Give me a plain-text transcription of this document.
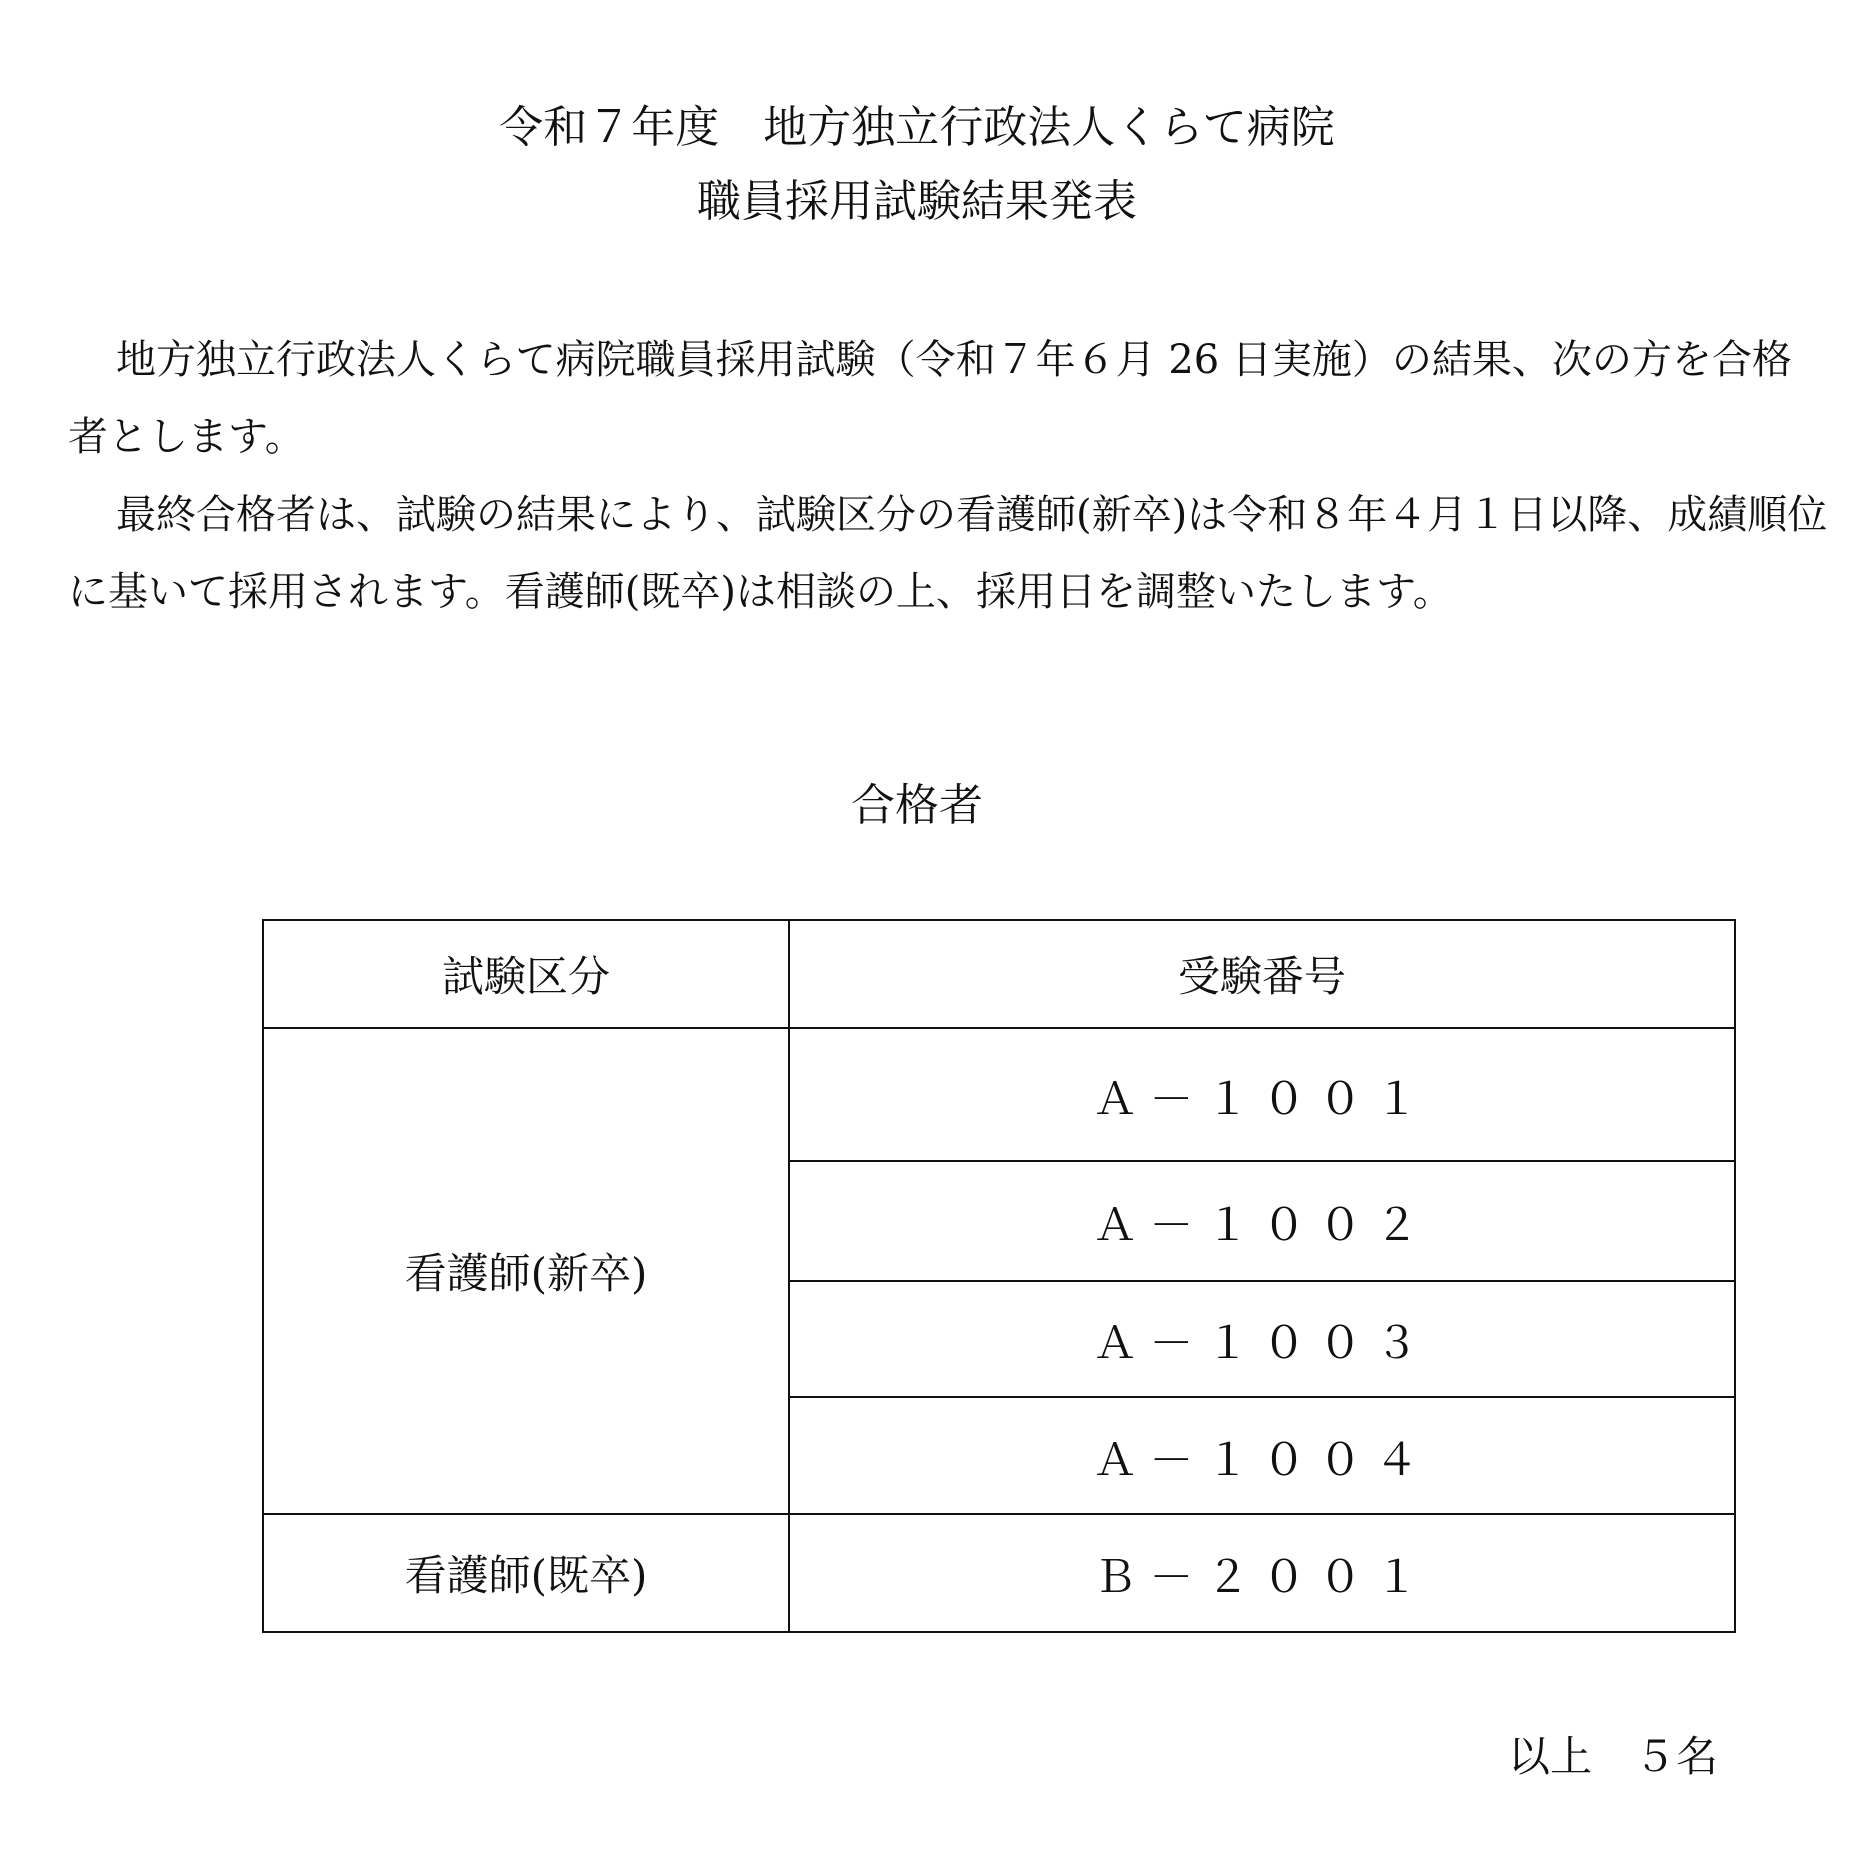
令和７年度　地方独立行政法人くらて病院
職員採用試験結果発表

地方独立行政法人くらて病院職員採用試験（令和７年６月 26 日実施）の結果、次の方を合格者とします。

最終合格者は、試験の結果により、試験区分の看護師(新卒)は令和８年４月１日以降、成績順位に基いて採用されます。看護師(既卒)は相談の上、採用日を調整いたします。

合格者
試験区分	受験番号
看護師(新卒)	Ａ－１００１
	Ａ－１００２
	Ａ－１００３
	Ａ－１００４
看護師(既卒)	Ｂ－２００１
以上　５名
